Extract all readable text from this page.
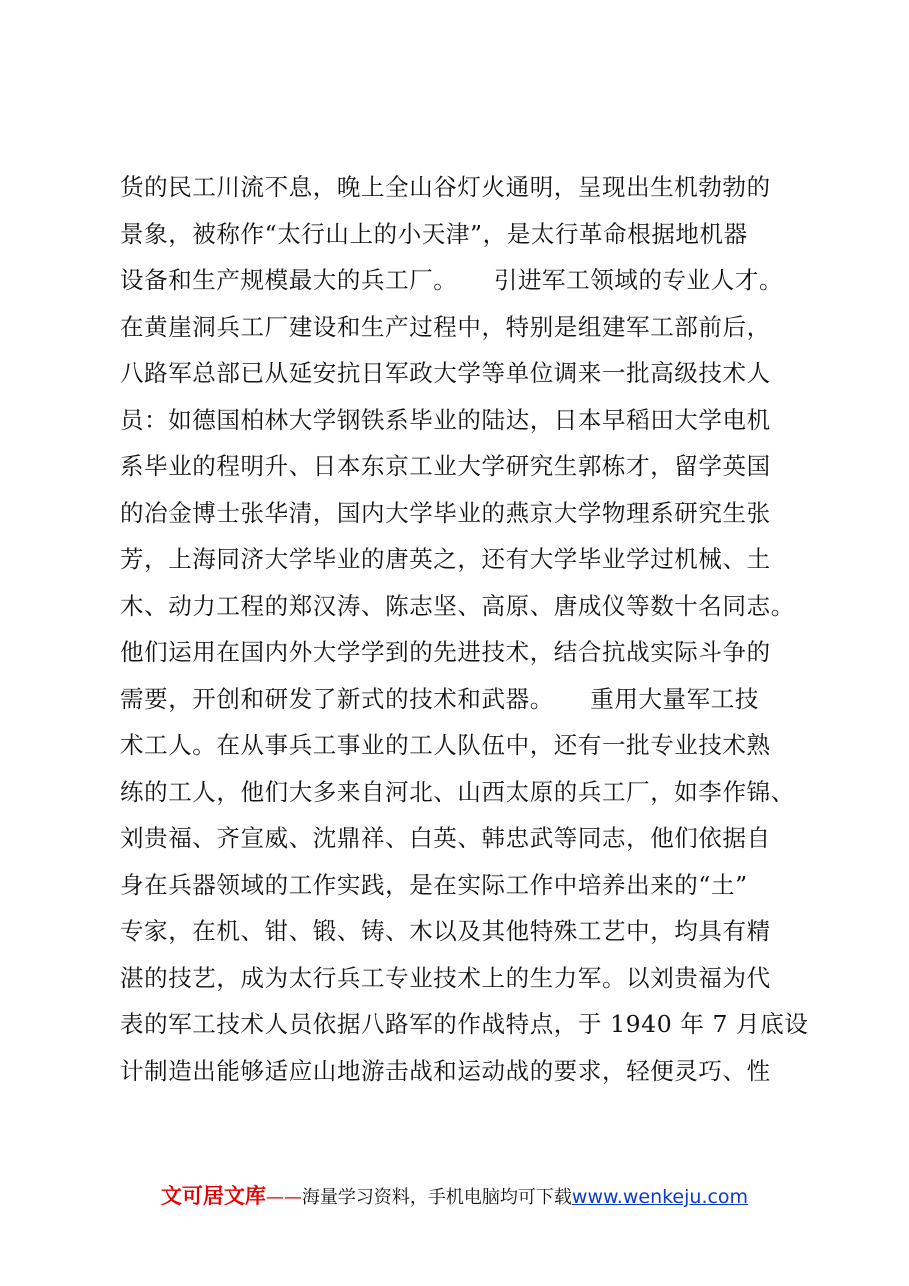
货的民工川流不息，晚上全山谷灯火通明，呈现出生机勃勃的
景象，被称作“太行山上的小天津”，是太行革命根据地机器
设备和生产规模最大的兵工厂。　　引进军工领域的专业人才。
在黄崖洞兵工厂建设和生产过程中，特别是组建军工部前后，
八路军总部已从延安抗日军政大学等单位调来一批高级技术人
员：如德国柏林大学钢铁系毕业的陆达，日本早稻田大学电机
系毕业的程明升、日本东京工业大学研究生郭栋才，留学英国
的冶金博士张华清，国内大学毕业的燕京大学物理系研究生张
芳，上海同济大学毕业的唐英之，还有大学毕业学过机械、土
木、动力工程的郑汉涛、陈志坚、高原、唐成仪等数十名同志。
他们运用在国内外大学学到的先进技术，结合抗战实际斗争的
需要，开创和研发了新式的技术和武器。　　重用大量军工技
术工人。在从事兵工事业的工人队伍中，还有一批专业技术熟
练的工人，他们大多来自河北、山西太原的兵工厂，如李作锦、
刘贵福、齐宣威、沈鼎祥、白英、韩忠武等同志，他们依据自
身在兵器领域的工作实践，是在实际工作中培养出来的“土”
专家，在机、钳、锻、铸、木以及其他特殊工艺中，均具有精
湛的技艺，成为太行兵工专业技术上的生力军。以刘贵福为代
表的军工技术人员依据八路军的作战特点，于 1940 年 7 月底设
计制造出能够适应山地游击战和运动战的要求，轻便灵巧、性
文可居文库——海量学习资料，手机电脑均可下载www.wenkeju.com
